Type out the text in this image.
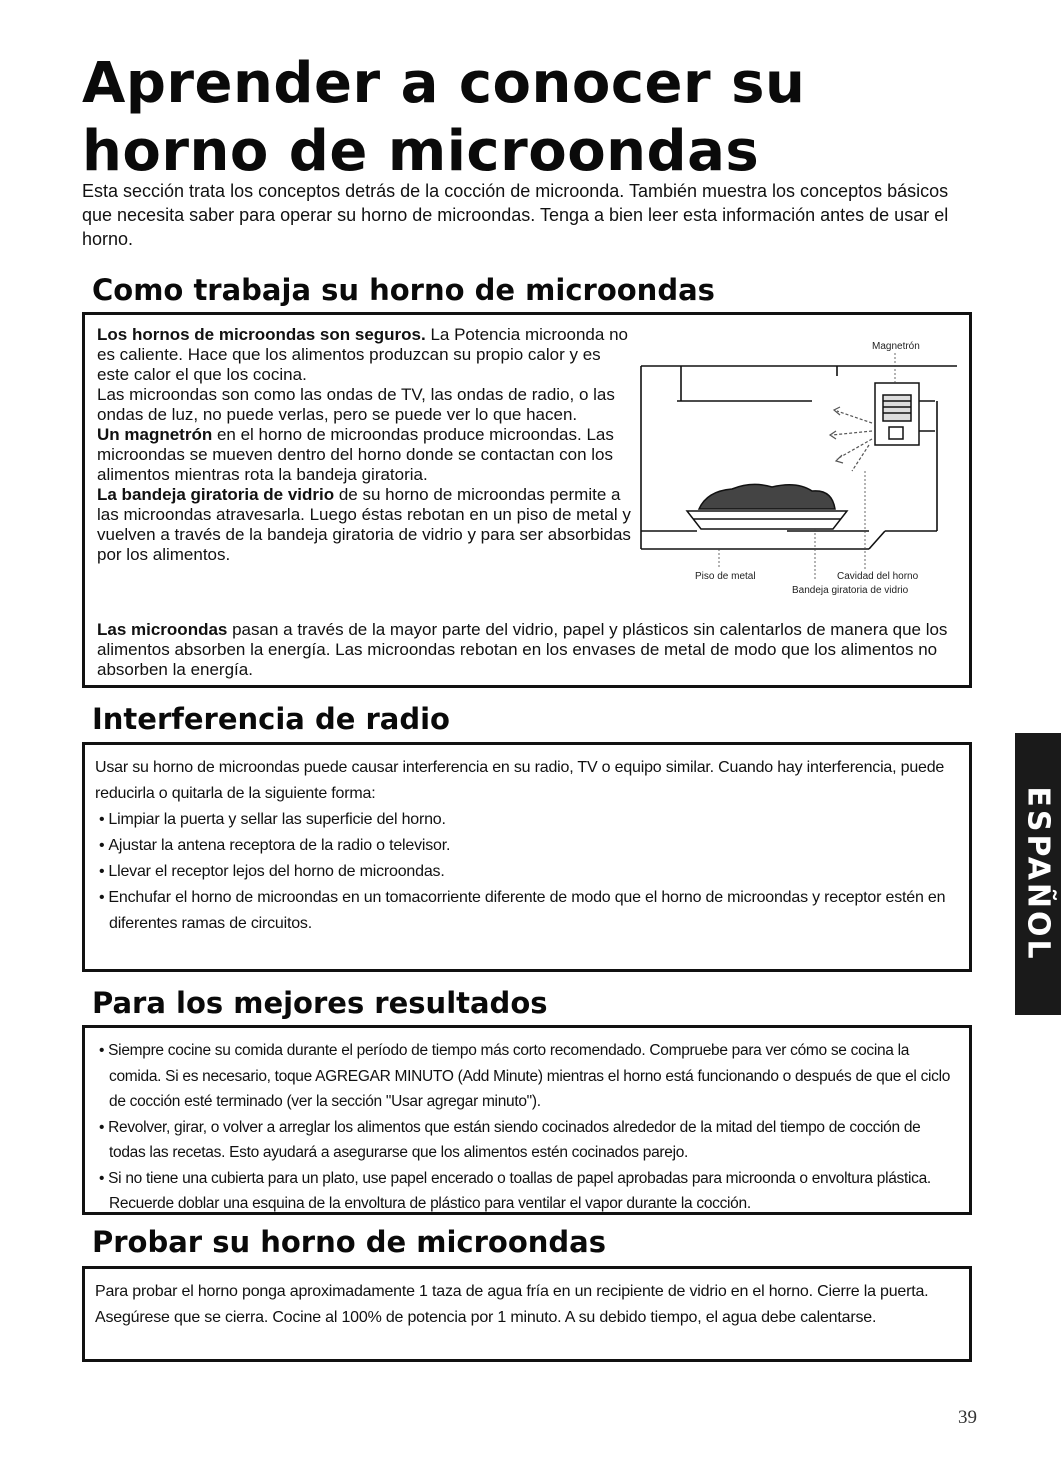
Aprender a conocer su horno de microondas

Esta sección trata los conceptos detrás de la cocción de microonda. También muestra los conceptos básicos que necesita saber para operar su horno de microondas. Tenga a bien leer esta información antes de usar el horno.

Como trabaja su horno de microondas

Los hornos de microondas son seguros. La Potencia microonda no es caliente. Hace que los alimentos produzcan su propio calor y es este calor el que los cocina.

Las microondas son como las ondas de TV, las ondas de radio, o las ondas de luz, no puede verlas, pero se puede ver lo que hacen.

Un magnetrón en el horno de microondas produce microondas. Las microondas se mueven dentro del horno donde se contactan con los alimentos mientras rota la bandeja giratoria.

La bandeja giratoria de vidrio de su horno de microondas permite a las microondas atravesarla. Luego éstas rebotan en un piso de metal y vuelven a través de la bandeja giratoria de vidrio y para ser absorbidas por los alimentos.

Las microondas pasan a través de la mayor parte del vidrio, papel y plásticos sin calentarlos de manera que los alimentos absorben la energía. Las microondas rebotan en los envases de metal de modo que los alimentos no absorben la energía.

Magnetrón
Piso de metal	Cavidad del horno
Bandeja giratoria de vidrio
Interferencia de radio

Usar su horno de microondas puede causar interferencia en su radio, TV o equipo similar. Cuando hay interferencia, puede reducirla o quitarla de la siguiente forma:

• Limpiar la puerta y sellar las superficie del horno.
• Ajustar la antena receptora de la radio o televisor.
• Llevar el receptor lejos del horno de microondas.
• Enchufar el horno de microondas en un tomacorriente diferente de modo que el horno de microondas y receptor estén en diferentes ramas de circuitos.
Para los mejores resultados
• Siempre cocine su comida durante el período de tiempo más corto recomendado. Compruebe para ver cómo se cocina la comida. Si es necesario, toque AGREGAR MINUTO (Add Minute) mientras el horno está funcionando o después de que el ciclo de cocción esté terminado (ver la sección "Usar agregar minuto").
• Revolver, girar, o volver a arreglar los alimentos que están siendo cocinados alrededor de la mitad del tiempo de cocción de todas las recetas. Esto ayudará a asegurarse que los alimentos estén cocinados parejo.
• Si no tiene una cubierta para un plato, use papel encerado o toallas de papel aprobadas para microonda o envoltura plástica. Recuerde doblar una esquina de la envoltura de plástico para ventilar el vapor durante la cocción.
Probar su horno de microondas

Para probar el horno ponga aproximadamente 1 taza de agua fría en un recipiente de vidrio en el horno. Cierre la puerta. Asegúrese que se cierra. Cocine al 100% de potencia por 1 minuto. A su debido tiempo, el agua debe calentarse.

ESPAÑOL
39
